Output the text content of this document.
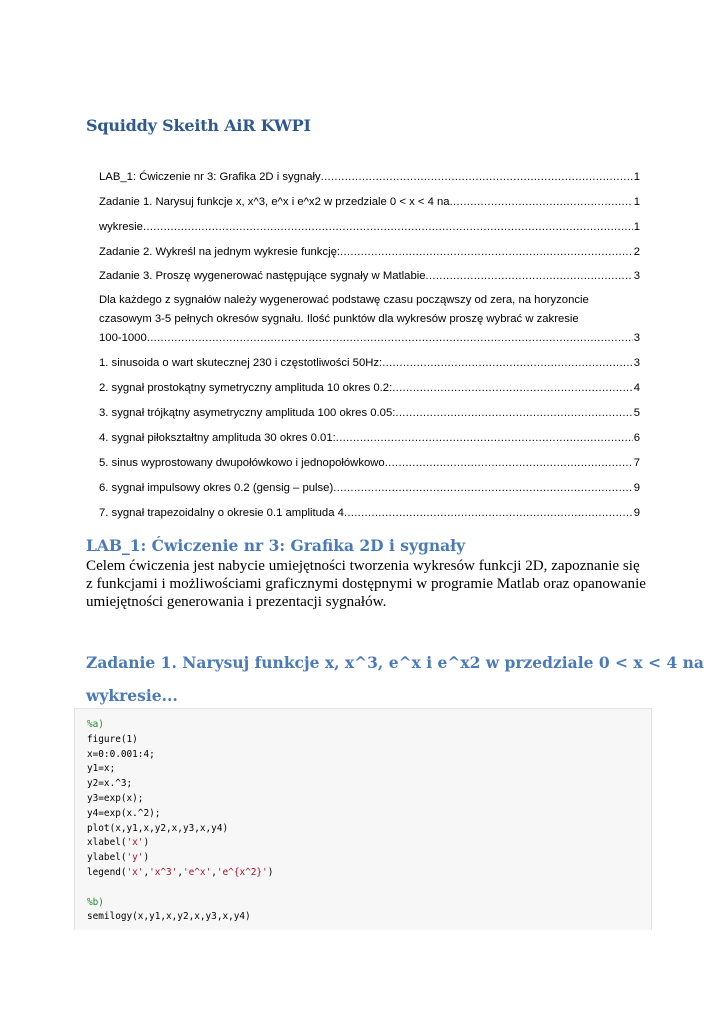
Squiddy Skeith AiR KWPI
LAB_1: Ćwiczenie nr 3: Grafika 2D i sygnały .....	1
Zadanie 1. Narysuj funkcje x, x^3, e^x i e^x2 w przedziale 0 < x < 4 na .....	1
wykresie .....	1
Zadanie 2. Wykreśl na jednym wykresie funkcję: .....	2
Zadanie 3. Proszę wygenerować następujące sygnały w Matlabie .....	3
Dla każdego z sygnałów należy wygenerować podstawę czasu począwszy od zera, na horyzoncie
czasowym 3-5 pełnych okresów sygnału. Ilość punktów dla wykresów proszę wybrać w zakresie
100-1000 .....	3
1. sinusoida o wart skutecznej 230 i częstotliwości 50Hz: .....	3
2. sygnał prostokątny symetryczny amplituda 10 okres 0.2: .....	4
3. sygnał trójkątny asymetryczny amplituda 100 okres 0.05: .....	5
4. sygnał piłokształtny amplituda 30 okres 0.01: .....	6
5. sinus wyprostowany dwupołówkowo i jednopołówkowo .....	7
6. sygnał impulsowy okres 0.2 (gensig – pulse) .....	9
7. sygnał trapezoidalny o okresie 0.1 amplituda 4 .....	9
LAB_1: Ćwiczenie nr 3: Grafika 2D i sygnały
Celem ćwiczenia jest nabycie umiejętności tworzenia wykresów funkcji 2D, zapoznanie się z funkcjami i możliwościami graficznymi dostępnymi w programie Matlab oraz opanowanie umiejętności generowania i prezentacji sygnałów.
Zadanie 1. Narysuj funkcje x, x^3, e^x i e^x2 w przedziale 0 < x < 4 na
wykresie...
%a)
figure(1)
x=0:0.001:4;
y1=x;
y2=x.^3;
y3=exp(x);
y4=exp(x.^2);
plot(x,y1,x,y2,x,y3,x,y4)
xlabel('x')
ylabel('y')
legend('x','x^3','e^x','e^{x^2}')
%b)
semilogy(x,y1,x,y2,x,y3,x,y4)
